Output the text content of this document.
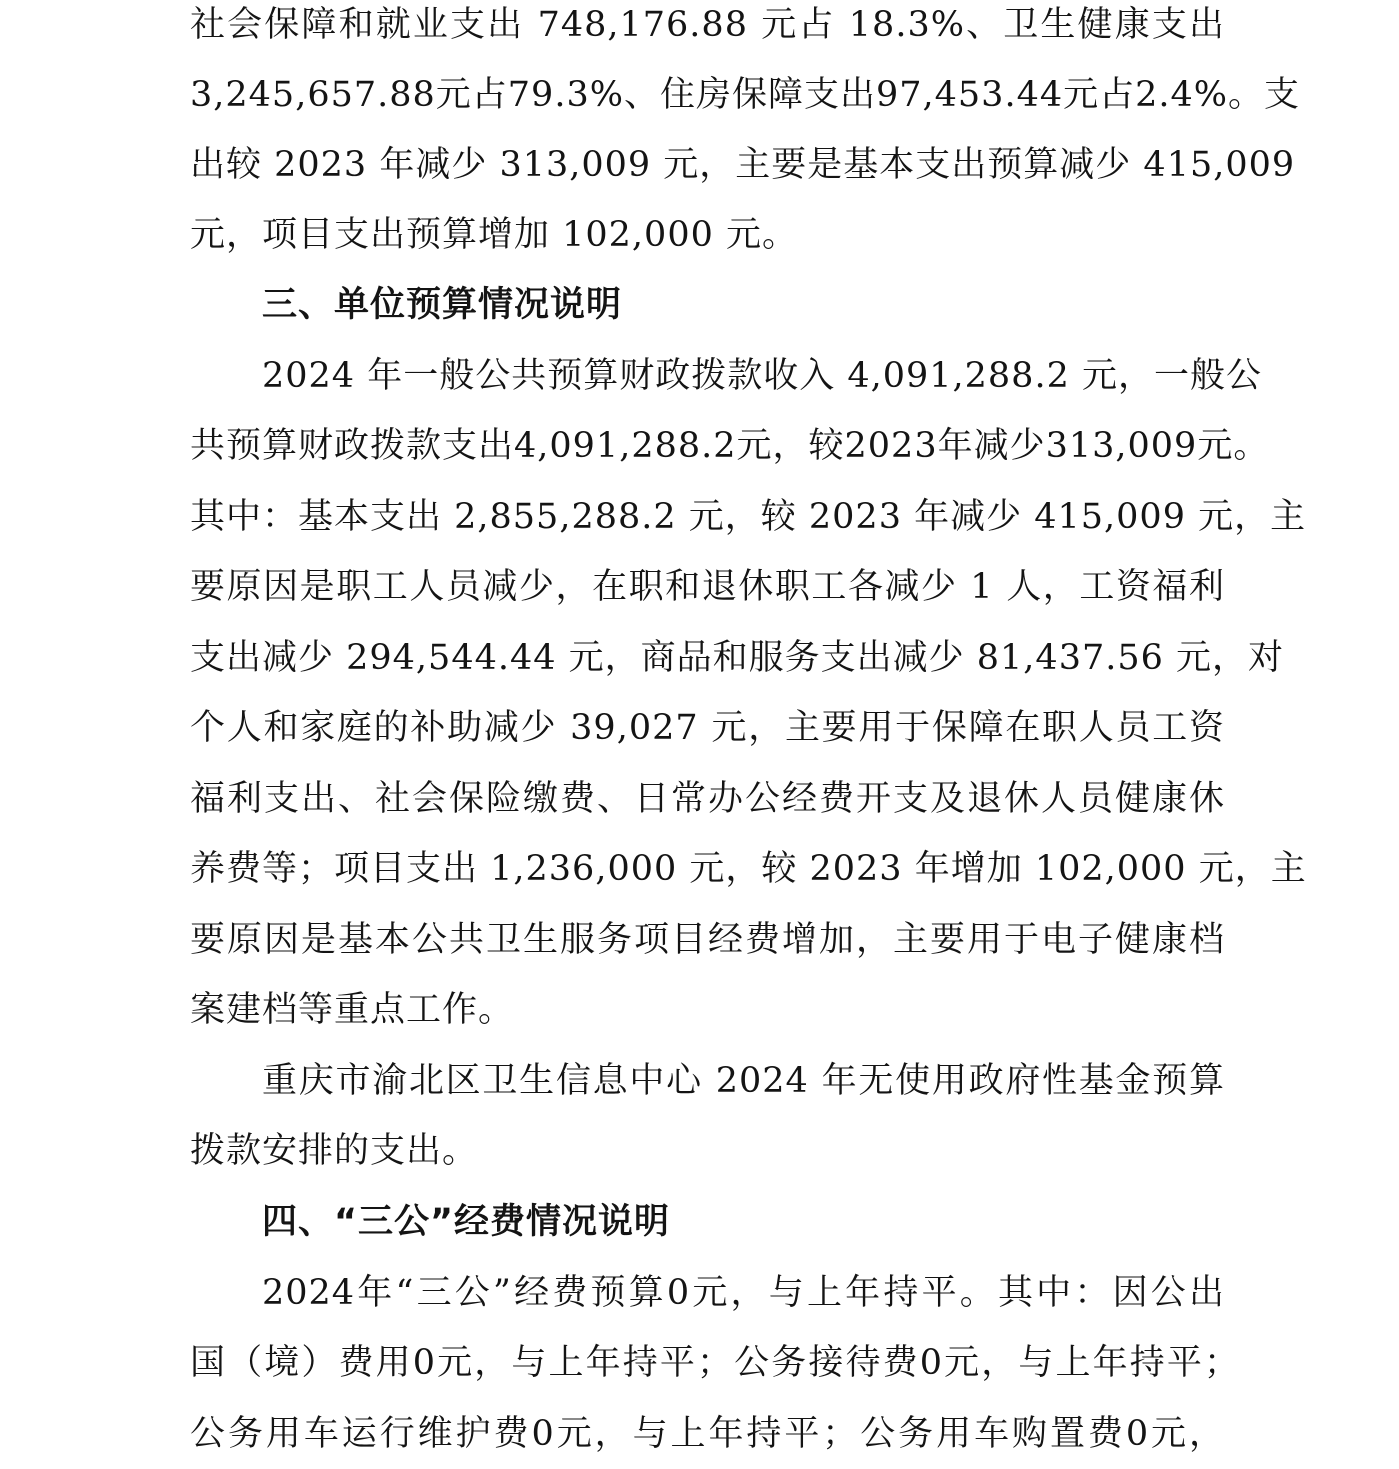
社会保障和就业支出 748,176.88 元占 18.3%、卫生健康支出
3,245,657.88元占79.3%、住房保障支出97,453.44元占2.4%。支
出较 2023 年减少 313,009 元，主要是基本支出预算减少 415,009
元，项目支出预算增加 102,000 元。
三、单位预算情况说明
2024 年一般公共预算财政拨款收入 4,091,288.2 元，一般公
共预算财政拨款支出4,091,288.2元，较2023年减少313,009元。
其中：基本支出 2,855,288.2 元，较 2023 年减少 415,009 元，主
要原因是职工人员减少，在职和退休职工各减少 1 人，工资福利
支出减少 294,544.44 元，商品和服务支出减少 81,437.56 元，对
个人和家庭的补助减少 39,027 元，主要用于保障在职人员工资
福利支出、社会保险缴费、日常办公经费开支及退休人员健康休
养费等；项目支出 1,236,000 元，较 2023 年增加 102,000 元，主
要原因是基本公共卫生服务项目经费增加，主要用于电子健康档
案建档等重点工作。
重庆市渝北区卫生信息中心 2024 年无使用政府性基金预算
拨款安排的支出。
四、“三公”经费情况说明
2024年“三公”经费预算0元，与上年持平。其中：因公出
国（境）费用0元，与上年持平；公务接待费0元，与上年持平；
公务用车运行维护费0元，与上年持平；公务用车购置费0元，
